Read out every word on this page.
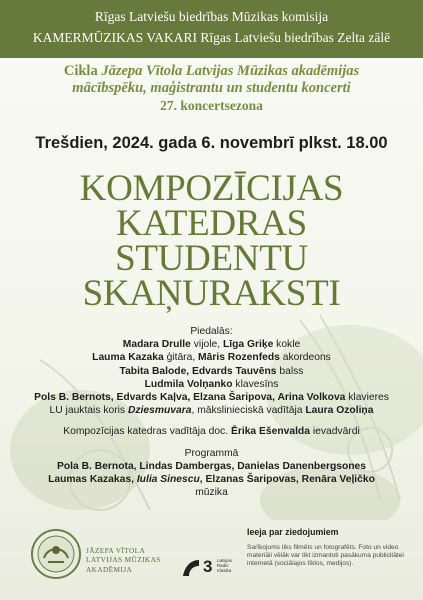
Rīgas Latviešu biedrības Mūzikas komisija
KAMERMŪZIKAS VAKARI Rīgas Latviešu biedrības Zelta zālē
Cikla Jāzepa Vītola Latvijas Mūzikas akadēmijas
mācībspēku, maģistrantu un studentu koncerti
27. koncertsezona
Trešdien, 2024. gada 6. novembrī plkst. 18.00
KOMPOZĪCIJAS
KATEDRAS
STUDENTU
SKAŅURAKSTI
Piedalās:
Madara Drulle vijole, Līga Griķe kokle
Lauma Kazaka ģitāra, Māris Rozenfeds akordeons
Tabita Balode, Edvards Tauvēns balss
Ludmila Volņanko klavesīns
Pols B. Bernots, Edvards Kaļva, Elzana Šaripova, Arina Volkova klavieres
LU jauktais koris Dziesmuvara, mākslinieciskā vadītāja Laura Ozoliņa
Kompozīcijas katedras vadītāja doc. Ērika Ešenvalda ievadvārdi
Programmā
Pola B. Bernota, Lindas Dambergas, Danielas Danenbergsones
Laumas Kazakas, Iulia Sinescu, Elzanas Šaripovas, Renāra Veļičko
mūzika
JĀZEPA VĪTOLA
LATVIJAS MŪZIKAS
AKADĒMIJA	3 Latvijas
Radio
Klasika
Ieeja par ziedojumiem
Sarīkojums tiks filmēts un fotografēts. Foto un video materiāli vēlāk var tikt izmantoti pasākuma publicitātei internetā (sociālajos tīklos, medijos).
